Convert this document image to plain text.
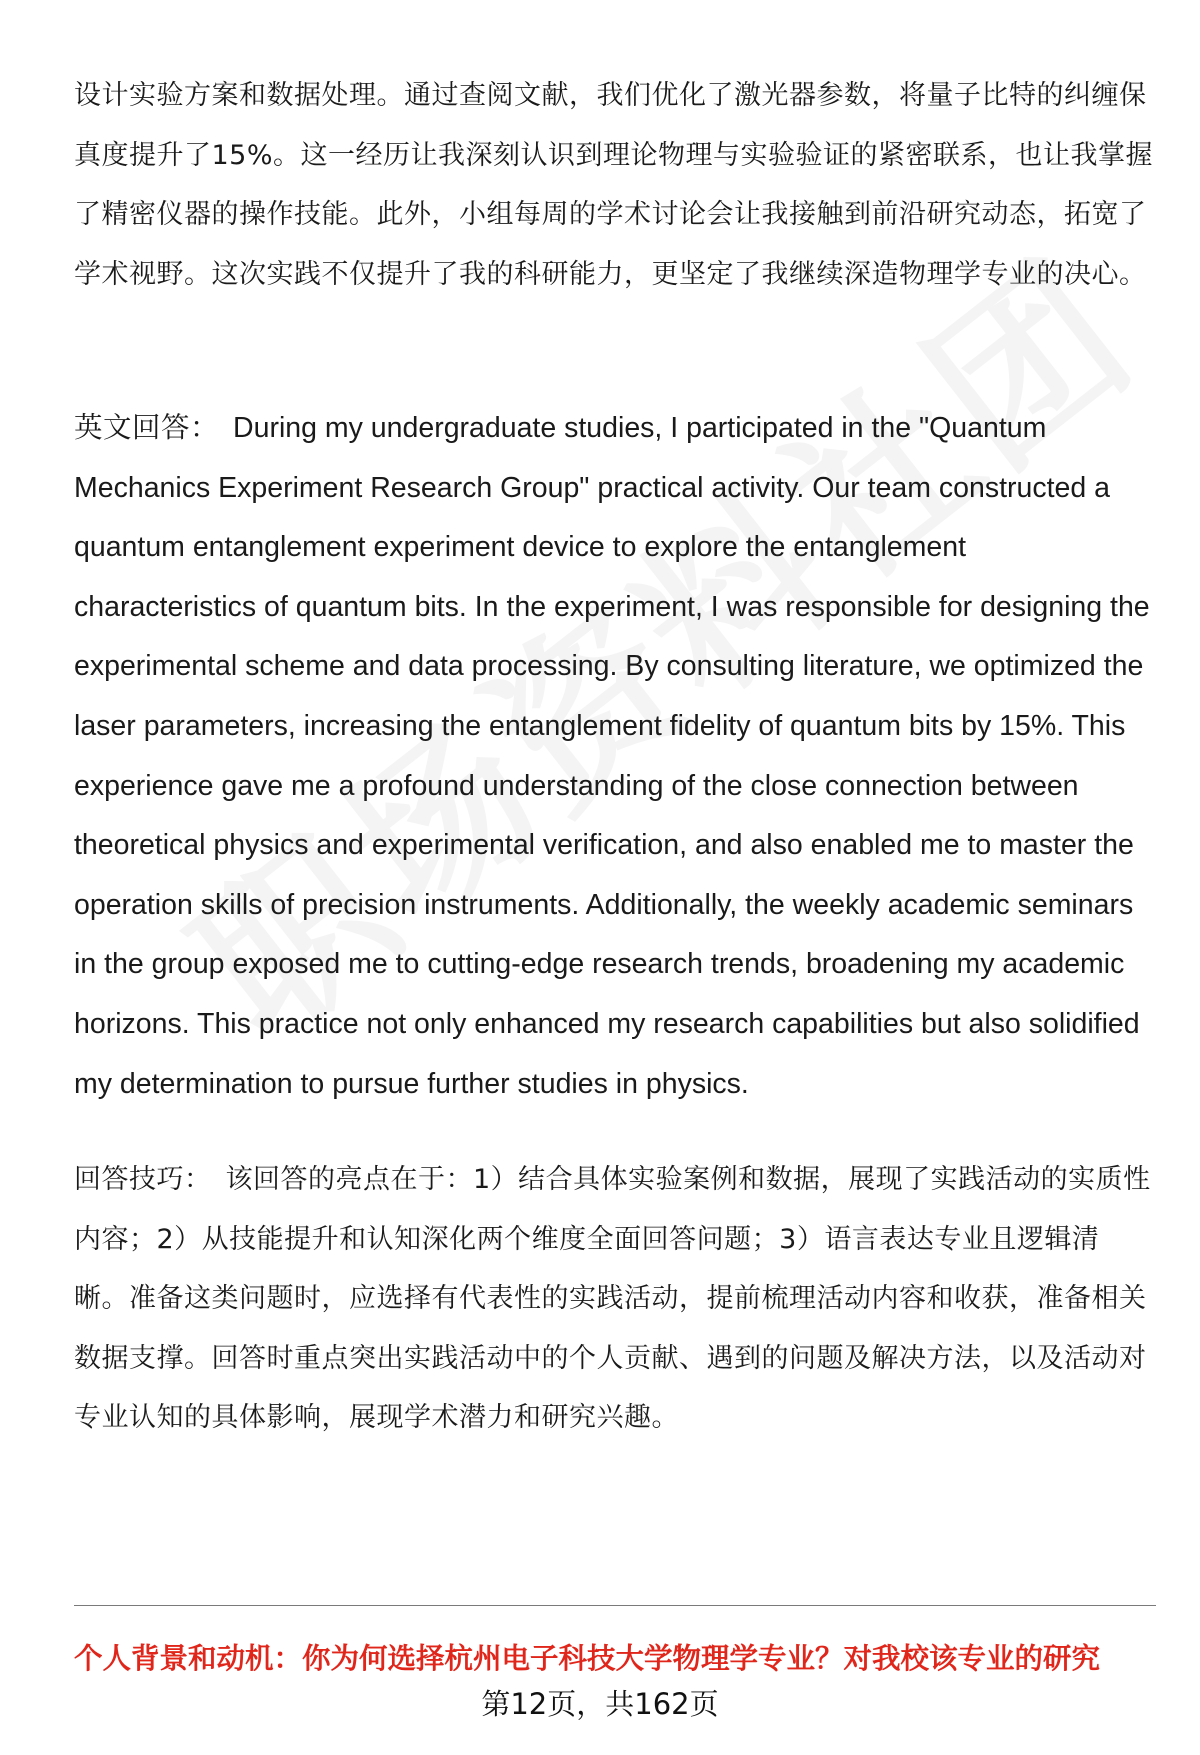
设计实验方案和数据处理。通过查阅文献，我们优化了激光器参数，将量子比特的纠缠保真度提升了15%。这一经历让我深刻认识到理论物理与实验验证的紧密联系，也让我掌握了精密仪器的操作技能。此外，小组每周的学术讨论会让我接触到前沿研究动态，拓宽了学术视野。这次实践不仅提升了我的科研能力，更坚定了我继续深造物理学专业的决心。

英文回答： During my undergraduate studies, I participated in the "Quantum Mechanics Experiment Research Group" practical activity. Our team constructed a quantum entanglement experiment device to explore the entanglement characteristics of quantum bits. In the experiment, I was responsible for designing the experimental scheme and data processing. By consulting literature, we optimized the laser parameters, increasing the entanglement fidelity of quantum bits by 15%. This experience gave me a profound understanding of the close connection between theoretical physics and experimental verification, and also enabled me to master the operation skills of precision instruments. Additionally, the weekly academic seminars in the group exposed me to cutting-edge research trends, broadening my academic horizons. This practice not only enhanced my research capabilities but also solidified my determination to pursue further studies in physics.

回答技巧： 该回答的亮点在于：1）结合具体实验案例和数据，展现了实践活动的实质性内容；2）从技能提升和认知深化两个维度全面回答问题；3）语言表达专业且逻辑清晰。准备这类问题时，应选择有代表性的实践活动，提前梳理活动内容和收获，准备相关数据支撑。回答时重点突出实践活动中的个人贡献、遇到的问题及解决方法，以及活动对专业认知的具体影响，展现学术潜力和研究兴趣。

个人背景和动机：你为何选择杭州电子科技大学物理学专业？对我校该专业的研究
第12页，共162页
